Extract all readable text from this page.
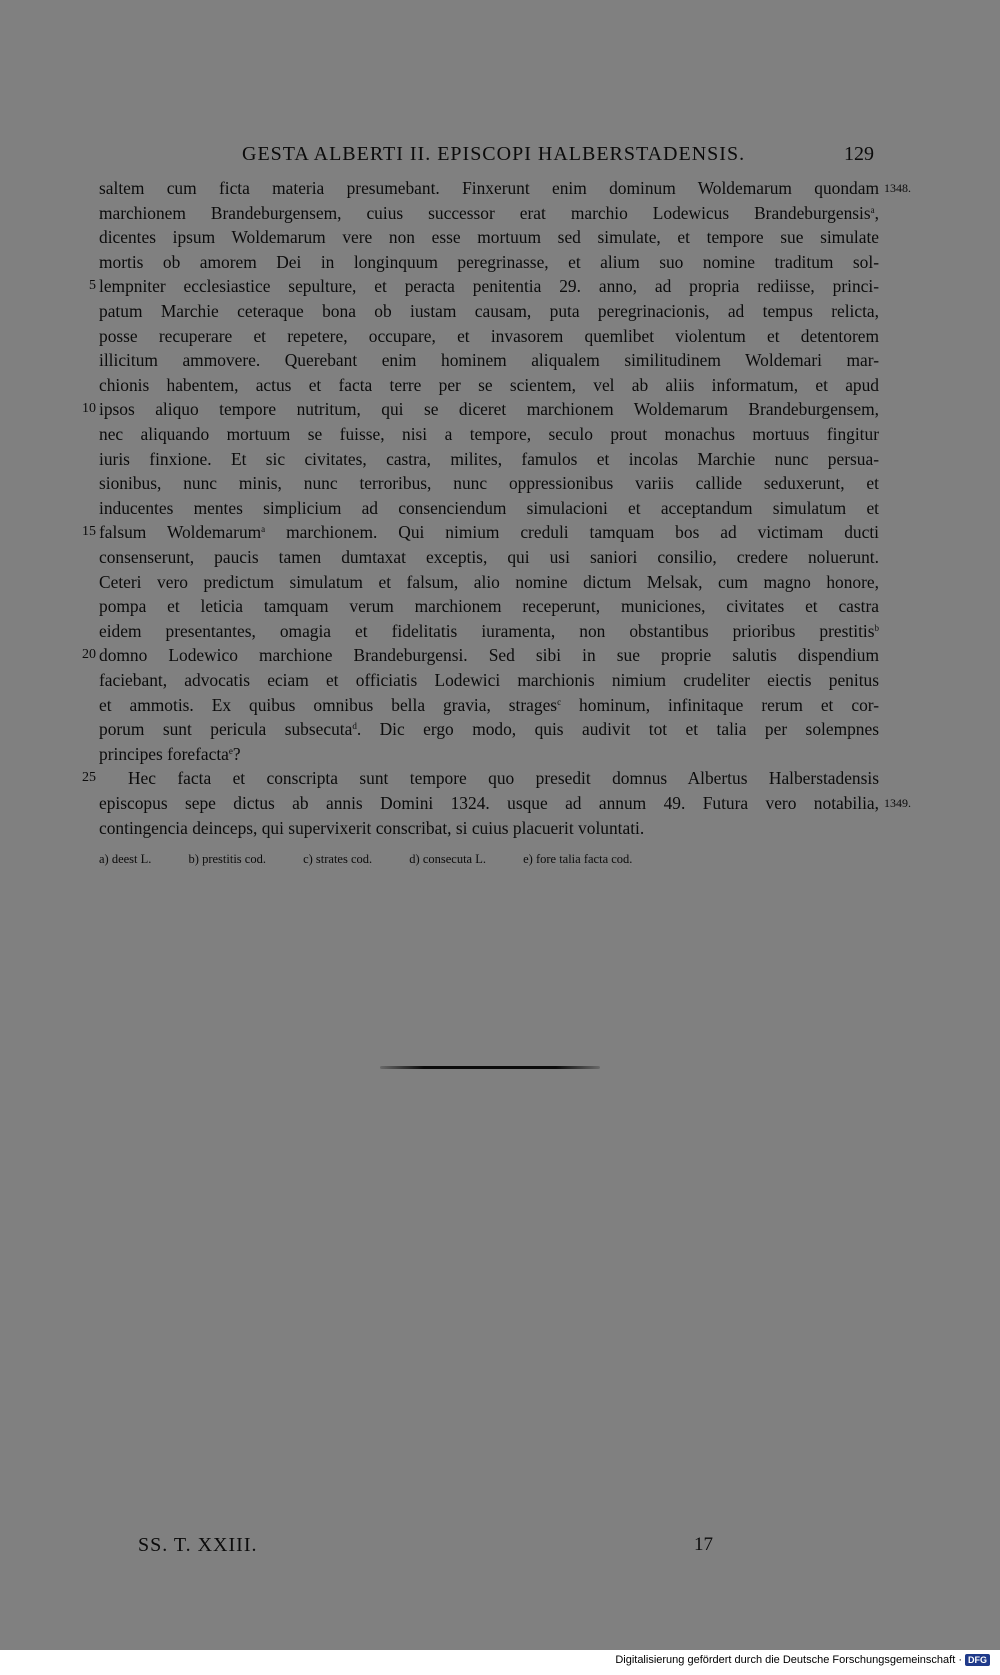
GESTA ALBERTI II. EPISCOPI HALBERSTADENSIS.	129
saltem cum ficta materia presumebant. Finxerunt enim dominum Woldemarum quondam 1348.
marchionem Brandeburgensem, cuius successor erat marchio Lodewicus Brandeburgensis$^a$,
dicentes ipsum Woldemarum vere non esse mortuum sed simulate, et tempore sue simulate
mortis ob amorem Dei in longinquum peregrinasse, et alium suo nomine traditum sol-
lempniter ecclesiastice sepulture, et peracta penitentia 29. anno, ad propria rediisse, princi-
5
patum Marchie ceteraque bona ob iustam causam, puta peregrinacionis, ad tempus relicta,
posse recuperare et repetere, occupare, et invasorem quemlibet violentum et detentorem
illicitum ammovere. Querebant enim hominem aliqualem similitudinem Woldemari mar-
chionis habentem, actus et facta terre per se scientem, vel ab aliis informatum, et apud
ipsos aliquo tempore nutritum, qui se diceret marchionem Woldemarum Brandeburgensem,
10
nec aliquando mortuum se fuisse, nisi a tempore, seculo prout monachus mortuus fingitur
iuris finxione. Et sic civitates, castra, milites, famulos et incolas Marchie nunc persua-
sionibus, nunc minis, nunc terroribus, nunc oppressionibus variis callide seduxerunt, et
inducentes mentes simplicium ad consenciendum simulacioni et acceptandum simulatum et
falsum Woldemarum$^a$ marchionem. Qui nimium creduli tamquam bos ad victimam ducti
15
consenserunt, paucis tamen dumtaxat exceptis, qui usi saniori consilio, credere noluerunt.
Ceteri vero predictum simulatum et falsum, alio nomine dictum Melsak, cum magno honore,
pompa et leticia tamquam verum marchionem receperunt, municiones, civitates et castra
eidem presentantes, omagia et fidelitatis iuramenta, non obstantibus prioribus prestitis$^b$
domno Lodewico marchione Brandeburgensi. Sed sibi in sue proprie salutis dispendium
20
faciebant, advocatis eciam et officiatis Lodewici marchionis nimium crudeliter eiectis penitus
et ammotis. Ex quibus omnibus bella gravia, strages$^c$ hominum, infinitaque rerum et cor-
porum sunt pericula subsecuta$^d$. Dic ergo modo, quis audivit tot et talia per solempnes
principes forefacta$^e$?
Hec facta et conscripta sunt tempore quo presedit domnus Albertus Halberstadensis
25
episcopus sepe dictus ab annis Domini 1324. usque ad annum 49. Futura vero notabilia, 1349.
contingencia deinceps, qui supervixerit conscribat, si cuius placuerit voluntati.
a) deest L.	b) prestitis cod.	c) strates cod.	d) consecuta L.	e) fore talia facta cod.
SS. T. XXIII.	17
Digitalisierung gefördert durch die Deutsche Forschungsgemeinschaft · DFG
